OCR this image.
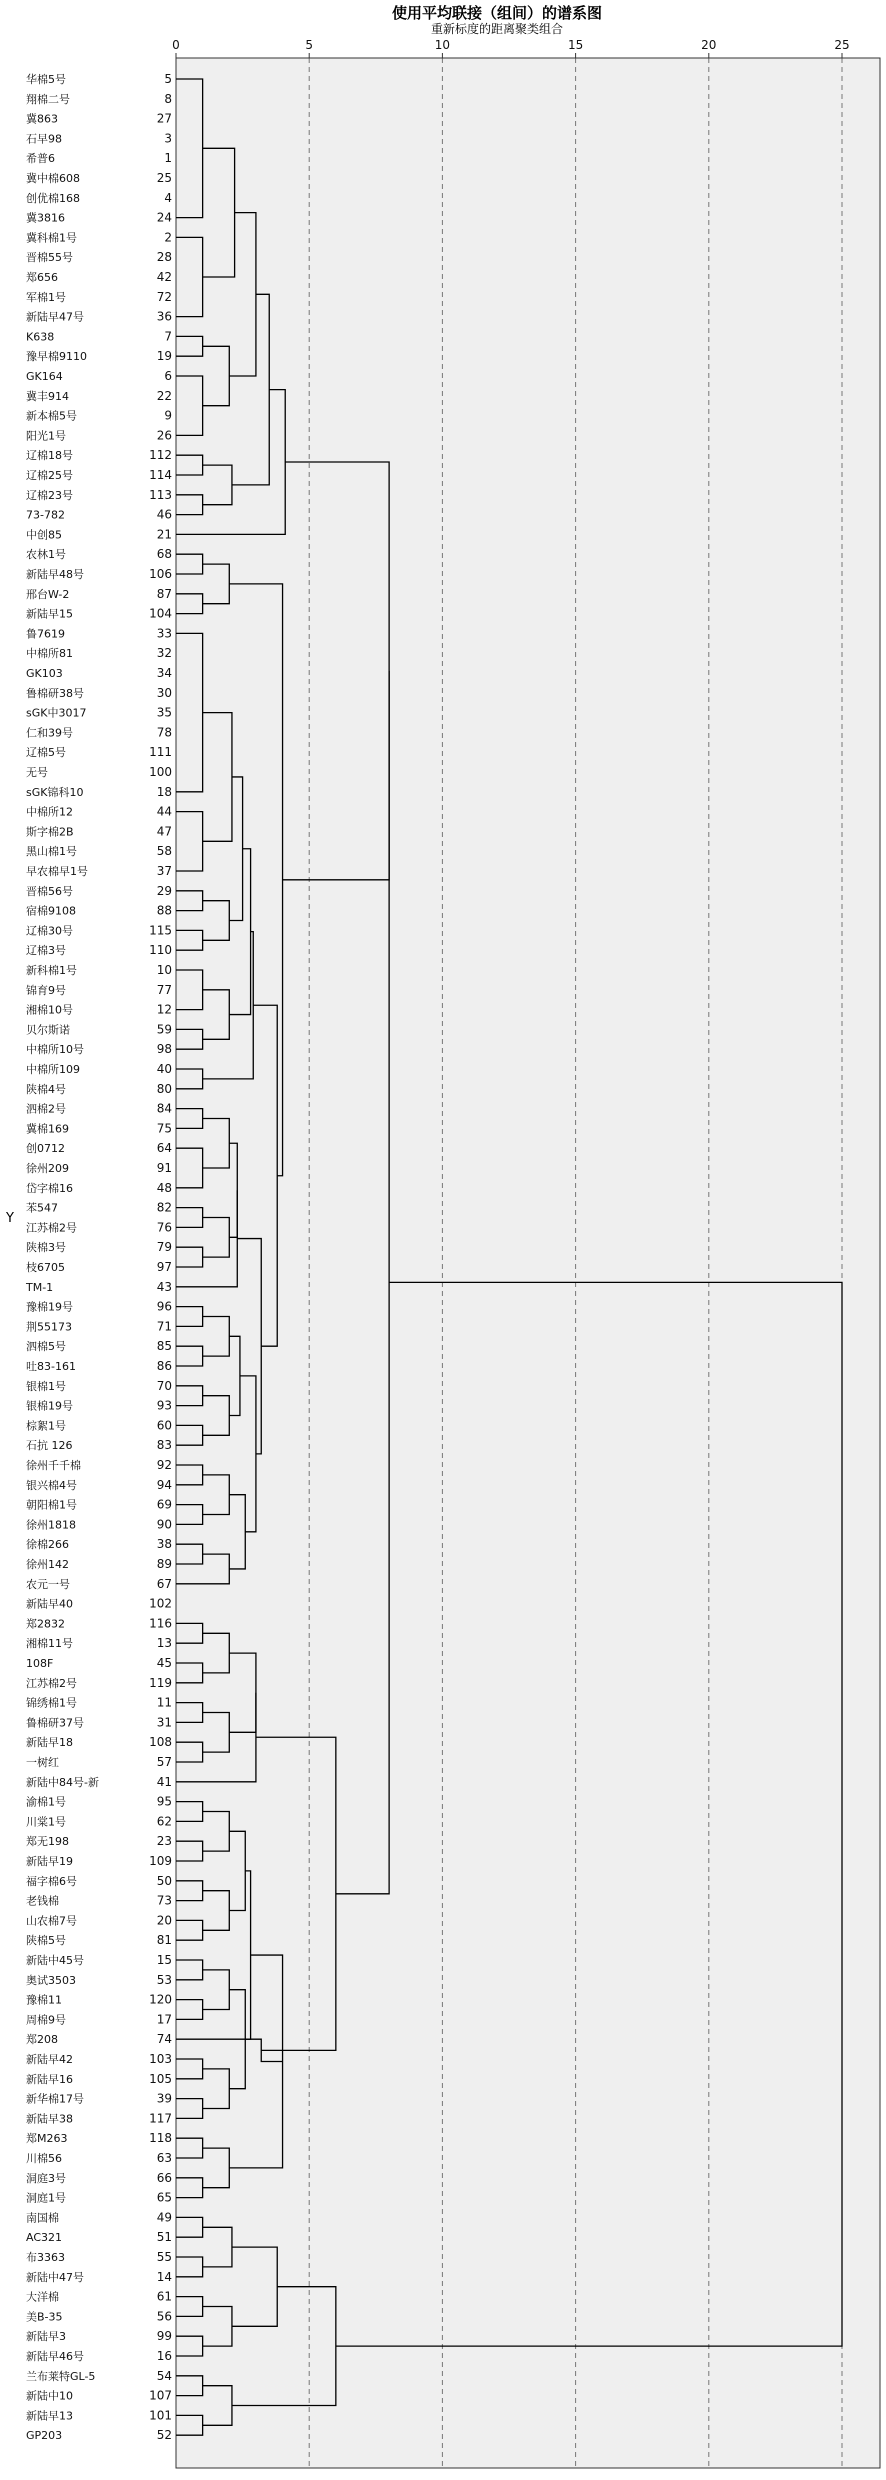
使用平均联接（组间）的谱系图
重新标度的距离聚类组合
0	5	10	15	20	25
Y
华棉5号	5
翔棉二号	8
冀863	27
石早98	3
希普6	1
冀中棉608	25
创优棉168	4
冀3816	24
冀科棉1号	2
晋棉55号	28
郑656	42
军棉1号	72
新陆早47号	36
K638	7
豫早棉9110	19
GK164	6
冀丰914	22
新本棉5号	9
阳光1号	26
辽棉18号	112
辽棉25号	114
辽棉23号	113
73-782	46
中创85	21
农林1号	68
新陆早48号	106
邢台W-2	87
新陆早15	104
鲁7619	33
中棉所81	32
GK103	34
鲁棉研38号	30
sGK中3017	35
仁和39号	78
辽棉5号	111
无号	100
sGK锦科10	18
中棉所12	44
斯字棉2B	47
黑山棉1号	58
早农棉早1号	37
晋棉56号	29
宿棉9108	88
辽棉30号	115
辽棉3号	110
新科棉1号	10
锦育9号	77
湘棉10号	12
贝尔斯诺	59
中棉所10号	98
中棉所109	40
陕棉4号	80
泗棉2号	84
冀棉169	75
创0712	64
徐州209	91
岱字棉16	48
苯547	82
江苏棉2号	76
陕棉3号	79
枝6705	97
TM-1	43
豫棉19号	96
荆55173	71
泗棉5号	85
吐83-161	86
银棉1号	70
银棉19号	93
棕絮1号	60
石抗 126	83
徐州千千棉	92
银兴棉4号	94
朝阳棉1号	69
徐州1818	90
徐棉266	38
徐州142	89
农元一号	67
新陆早40	102
郑2832	116
湘棉11号	13
108F	45
江苏棉2号	119
锦绣棉1号	11
鲁棉研37号	31
新陆早18	108
一树红	57
新陆中84号-新	41
渝棉1号	95
川棠1号	62
郑无198	23
新陆早19	109
福字棉6号	50
老钱棉	73
山农棉7号	20
陕棉5号	81
新陆中45号	15
奥试3503	53
豫棉11	120
周棉9号	17
郑208	74
新陆早42	103
新陆早16	105
新华棉17号	39
新陆早38	117
郑M263	118
川棉56	63
洞庭3号	66
洞庭1号	65
南国棉	49
AC321	51
布3363	55
新陆中47号	14
大洋棉	61
美B-35	56
新陆早3	99
新陆早46号	16
兰布莱特GL-5	54
新陆中10	107
新陆早13	101
GP203	52
